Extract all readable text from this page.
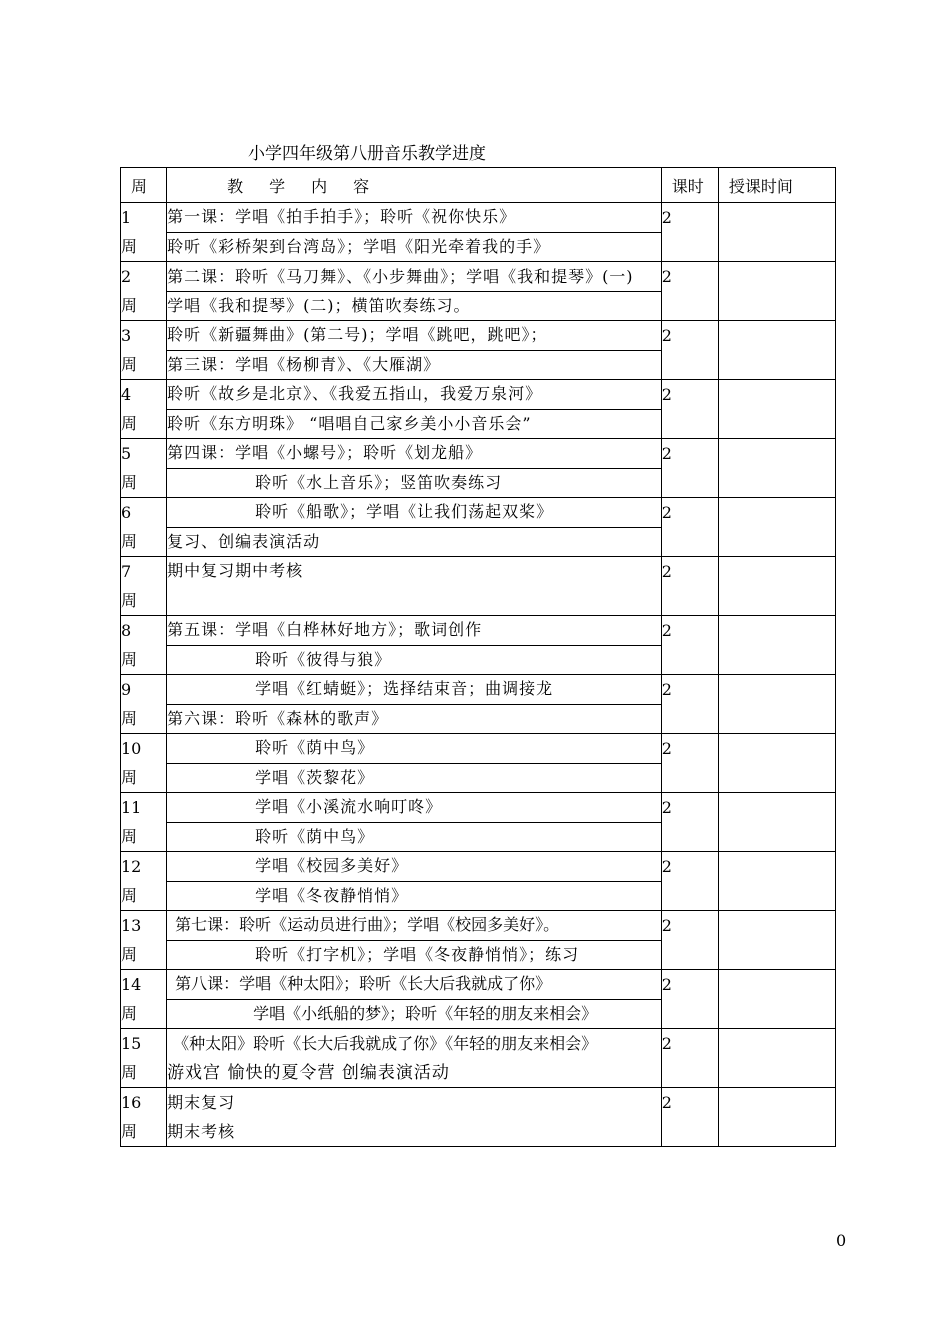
小学四年级第八册音乐教学进度
周	教学内容	课时	授课时间

1
周	第一课：学唱《拍手拍手》；聆听《祝你快乐》	2	
	聆听《彩桥架到台湾岛》；学唱《阳光牵着我的手》		

2
周	第二课：聆听《马刀舞》、《小步舞曲》；学唱《我和提琴》(一)	2	
	学唱《我和提琴》(二)；横笛吹奏练习。		

3
周	聆听《新疆舞曲》(第二号)；学唱《跳吧，跳吧》；	2	
	第三课：学唱《杨柳青》、《大雁湖》		

4
周	聆听《故乡是北京》、《我爱五指山，我爱万泉河》	2	
	聆听《东方明珠》 “唱唱自己家乡美小小音乐会”		

5
周	第四课：学唱《小螺号》；聆听《划龙船》	2	
	聆听《水上音乐》；竖笛吹奏练习		

6
周	聆听《船歌》；学唱《让我们荡起双桨》	2	
	复习、创编表演活动		

7
周	期中复习期中考核	2	

8
周	第五课：学唱《白桦林好地方》；歌词创作	2	
	聆听《彼得与狼》		

9
周	学唱《红蜻蜓》；选择结束音；曲调接龙	2	
	第六课：聆听《森林的歌声》		

10
周	聆听《荫中鸟》	2	
	学唱《茨黎花》		

11
周	学唱《小溪流水响叮咚》	2	
	聆听《荫中鸟》		

12
周	学唱《校园多美好》	2	
	学唱《冬夜静悄悄》		

13
周	第七课：聆听《运动员进行曲》；学唱《校园多美好》。	2	
	聆听《打字机》；学唱《冬夜静悄悄》；练习		

14
周	第八课：学唱《种太阳》；聆听《长大后我就成了你》	2	
	学唱《小纸船的梦》；聆听《年轻的朋友来相会》		

15
周	《种太阳》聆听《长大后我就成了你》《年轻的朋友来相会》	2	
	游戏宫 愉快的夏令营 创编表演活动		

16
周	期末复习	2	
	期末考核		
0
